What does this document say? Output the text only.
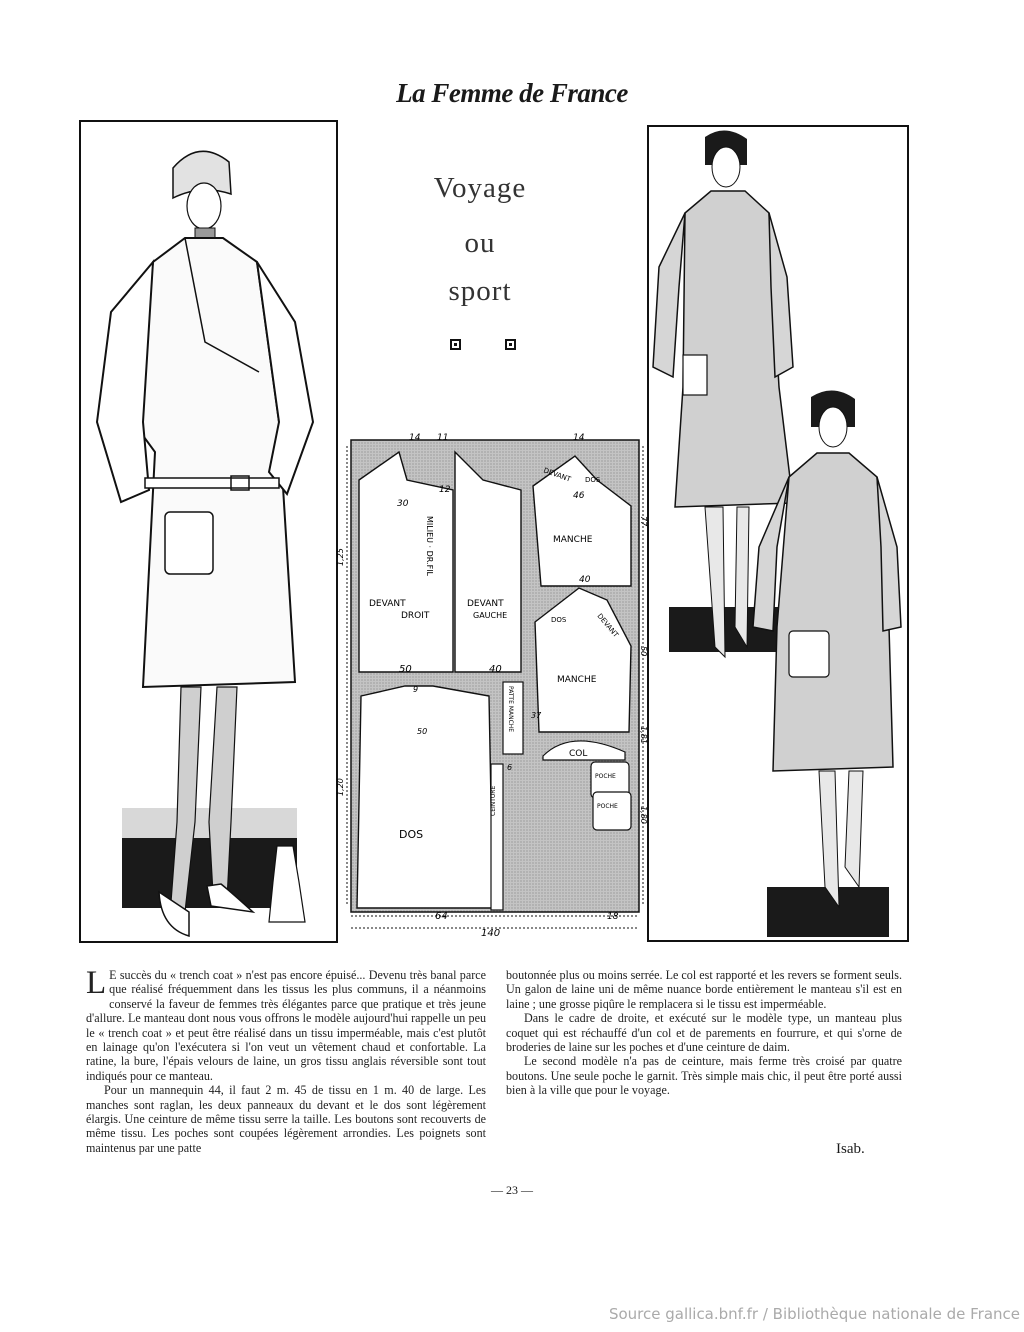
La Femme de France
Voyage
ou
sport
DEVANT
DROIT
DEVANT
GAUCHE
MILIEU · DR.FIL	MANCHE
MANCHE
DOS
DOS
DEVANT
DOS	DEVANT
COL
POCHE
POCHE
PATTE MANCHE
CEINTURE
14 11	14
12
30
46
40
50	40
9
50
37
6
64	18
140
1,25
1,20
77
50
1,81
1,80

L E succès du « trench coat » n'est pas encore épuisé... Devenu très banal parce que réalisé fréquemment dans les tissus les plus communs, il a néanmoins conservé la faveur de femmes très élégantes parce que pratique et très jeune d'allure. Le manteau dont nous vous offrons le modèle aujourd'hui rappelle un peu le « trench coat » et peut être réalisé dans un tissu imperméable, mais c'est plutôt en lainage qu'on l'exécutera si l'on veut un vêtement chaud et confortable. La ratine, la bure, l'épais velours de laine, un gros tissu anglais réversible sont tout indiqués pour ce manteau.

Pour un mannequin 44, il faut 2 m. 45 de tissu en 1 m. 40 de large. Les manches sont raglan, les deux panneaux du devant et le dos sont légèrement élargis. Une ceinture de même tissu serre la taille. Les boutons sont recouverts de même tissu. Les poches sont coupées légèrement arrondies. Les poignets sont maintenus par une patte

boutonnée plus ou moins serrée. Le col est rapporté et les revers se forment seuls. Un galon de laine uni de même nuance borde entièrement le manteau s'il est en laine ; une grosse piqûre le remplacera si le tissu est imperméable.

Dans le cadre de droite, et exécuté sur le modèle type, un manteau plus coquet qui est réchauffé d'un col et de parements en fourrure, et qui s'orne de broderies de laine sur les poches et d'une ceinture de daim.

Le second modèle n'a pas de ceinture, mais ferme très croisé par quatre boutons. Une seule poche le garnit. Très simple mais chic, il peut être porté aussi bien à la ville que pour le voyage.

Isab.
— 23 —
Source gallica.bnf.fr / Bibliothèque nationale de France
